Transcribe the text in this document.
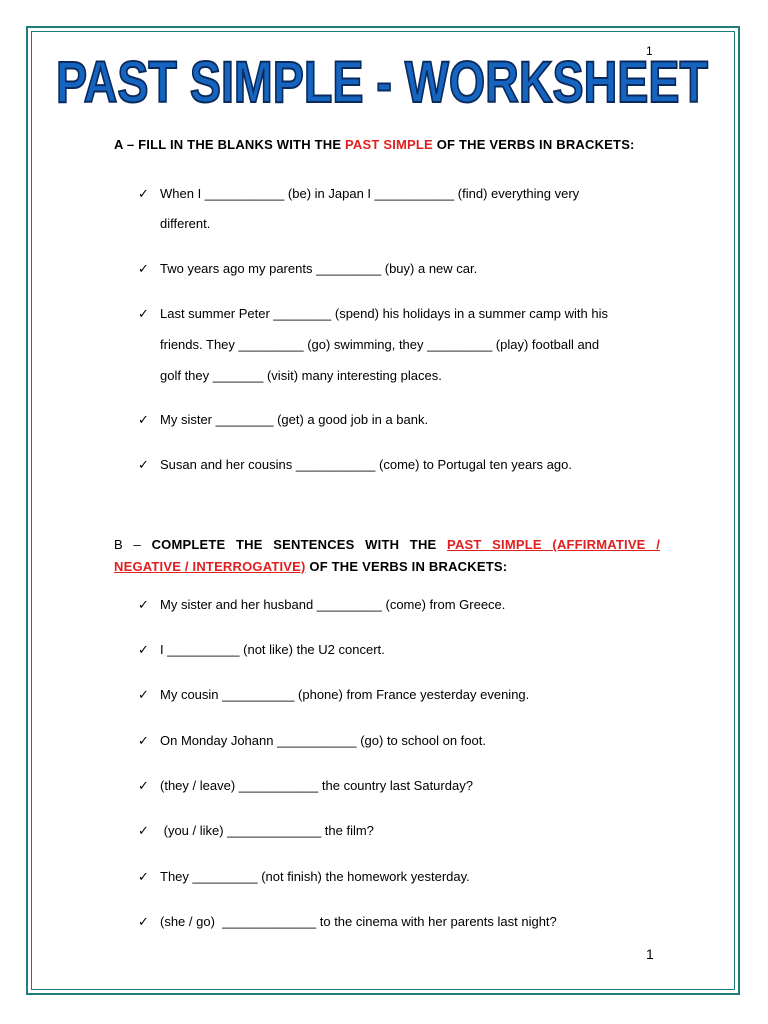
1
PAST SIMPLE - WORKSHEET
A – FILL IN THE BLANKS WITH THE PAST SIMPLE OF THE VERBS IN BRACKETS:
✓ When I ___________ (be) in Japan I ___________ (find) everything very
different.
✓ Two years ago my parents _________ (buy) a new car.
✓ Last summer Peter ________ (spend) his holidays in a summer camp with his
friends. They _________ (go) swimming, they _________ (play) football and
golf they _______ (visit) many interesting places.
✓ My sister ________ (get) a good job in a bank.
✓ Susan and her cousins ___________ (come) to Portugal ten years ago.
B – COMPLETE THE SENTENCES WITH THE PAST SIMPLE (AFFIRMATIVE / NEGATIVE / INTERROGATIVE) OF THE VERBS IN BRACKETS:
✓ My sister and her husband _________ (come) from Greece.
✓ I __________ (not like) the U2 concert.
✓ My cousin __________ (phone) from France yesterday evening.
✓ On Monday Johann ___________ (go) to school on foot.
✓ (they / leave) ___________ the country last Saturday?
✓ (you / like) _____________ the film?
✓ They _________ (not finish) the homework yesterday.
✓ (she / go)  _____________ to the cinema with her parents last night?
1
